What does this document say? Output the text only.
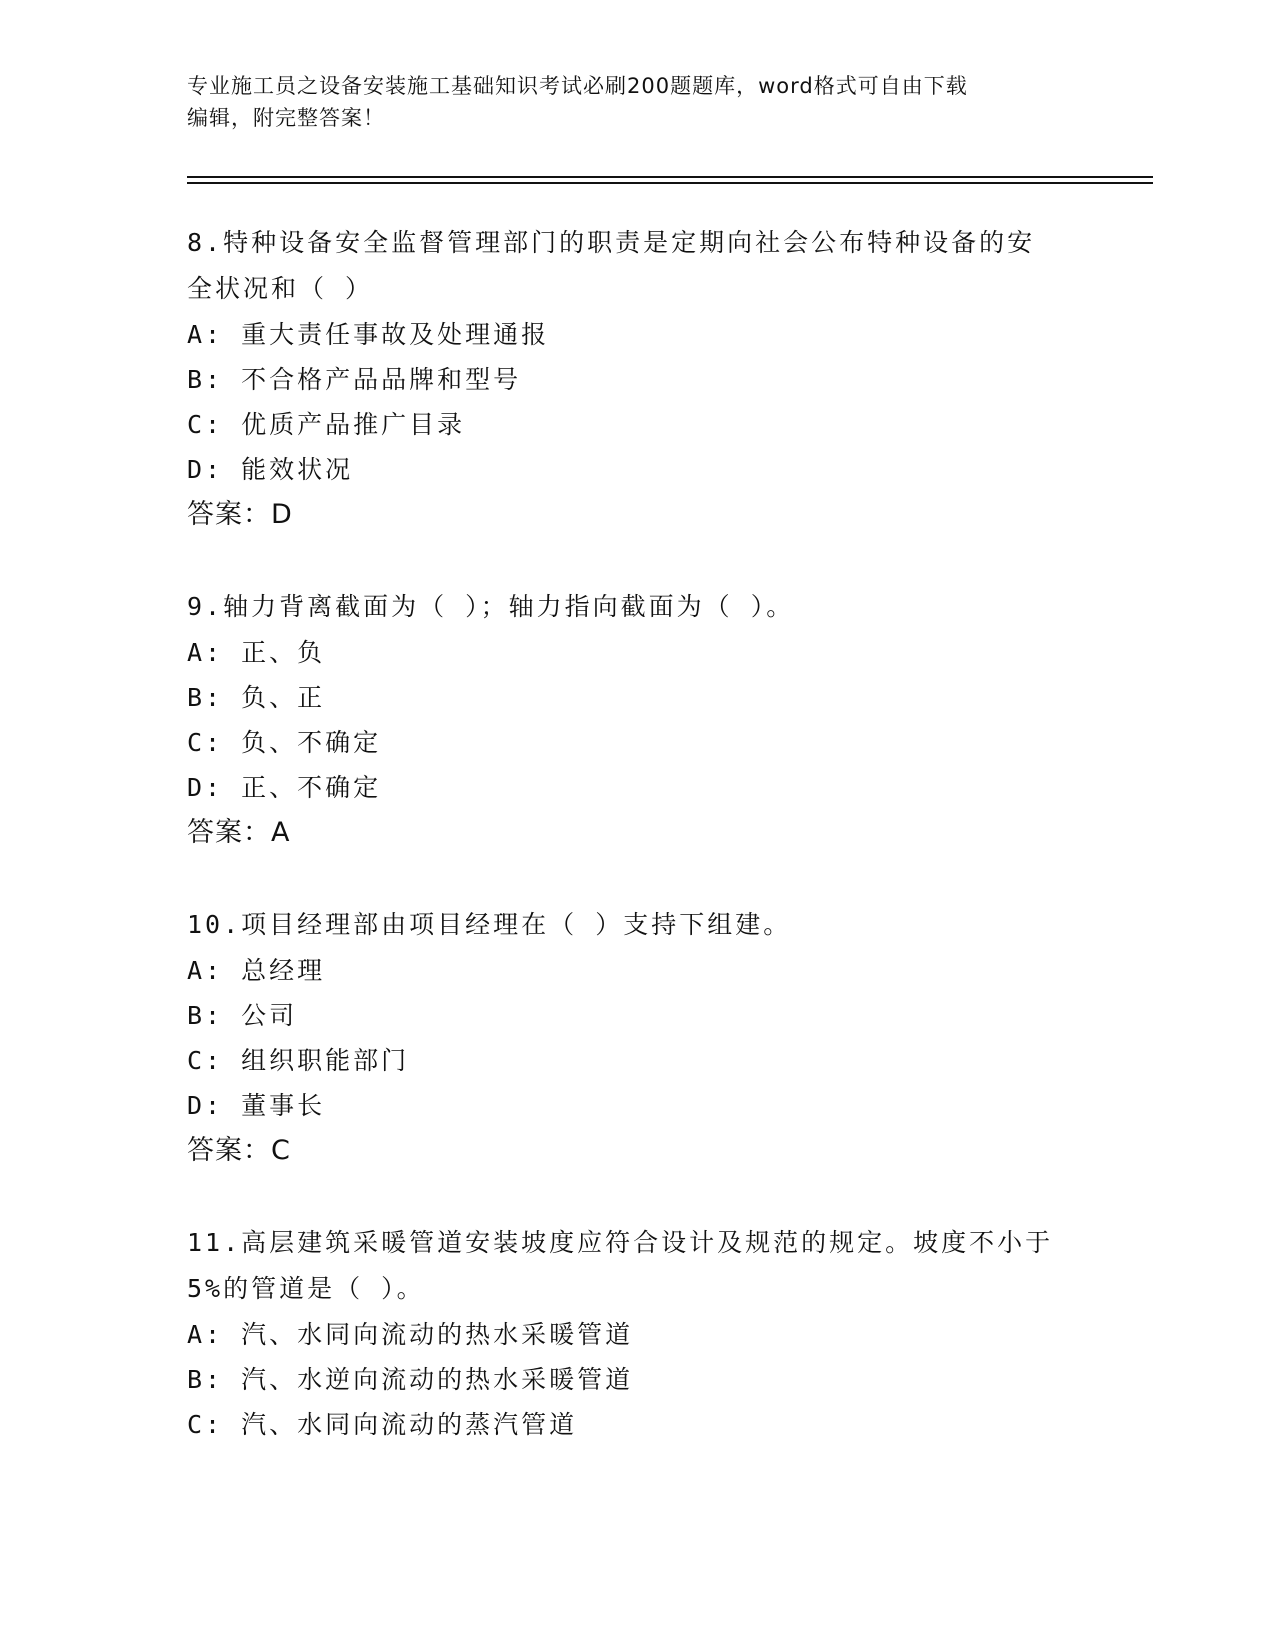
专业施工员之设备安装施工基础知识考试必刷200题题库，word格式可自由下载
编辑，附完整答案！
8.特种设备安全监督管理部门的职责是定期向社会公布特种设备的安
全状况和（ ）
A: 重大责任事故及处理通报
B: 不合格产品品牌和型号
C: 优质产品推广目录
D: 能效状况
答案：D
9.轴力背离截面为（ ）；轴力指向截面为（ ）。
A: 正、负
B: 负、正
C: 负、不确定
D: 正、不确定
答案：A
10.项目经理部由项目经理在（ ）支持下组建。
A: 总经理
B: 公司
C: 组织职能部门
D: 董事长
答案：C
11.高层建筑采暖管道安装坡度应符合设计及规范的规定。坡度不小于
5%的管道是（ ）。
A: 汽、水同向流动的热水采暖管道
B: 汽、水逆向流动的热水采暖管道
C: 汽、水同向流动的蒸汽管道
